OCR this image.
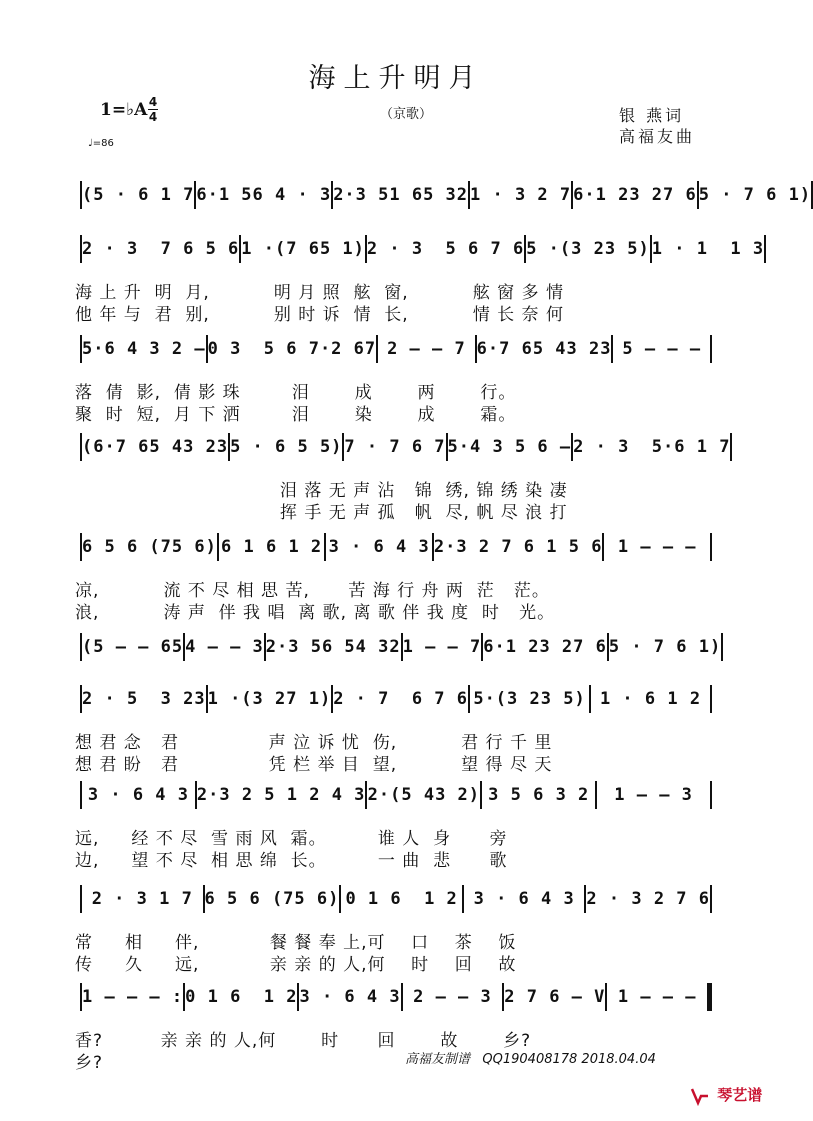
海上升明月
1=♭A 4
4	（京歌）	银 燕词
高福友曲
♩=86
(5 · 6 1 7 6·1 56 4 · 3 2·3 51 65 32 1 · 3 2 7 6·1 23 27 6 5 · 7 6 1)
2 · 3  7 6 5 6 1 ·(7 65 1) 2 · 3  5 6 7 6 5 ·(3 23 5) 1 · 1  1 3
海 上 升  明  月,          明 月 照  舷  窗,          舷 窗 多 情
他 年 与  君  别,          别 时 诉  情  长,          情 长 奈 何
5·6 4 3 2 – 0 3  5 6 7·2 67 2 – – 7 6·7 65 43 23 5 – – –
落  倩  影,  倩 影 珠        泪       成       两       行。
聚  时  短,  月 下 洒        泪       染       成       霜。
(6·7 65 43 23 5 · 6 5 5) 7 · 7 6 7 5·4 3 5 6 – 2 · 3  5·6 1 7
泪 落 无 声 沾   锦  绣, 锦 绣 染 凄
挥 手 无 声 孤   帆  尽, 帆 尽 浪 打
6 5 6 (75 6) 6 1 6 1 2 3 · 6 4 3 2·3 2 7 6 1 5 6 1 – – –
凉,          流 不 尽 相 思 苦,      苦 海 行 舟 两  茫   茫。
浪,          涛 声  伴 我 唱  离 歌, 离 歌 伴 我 度  时   光。
(5 – – 65 4 – – 3 2·3 56 54 32 1 – – 7 6·1 23 27 6 5 · 7 6 1)
2 · 5  3 23 1 ·(3 27 1) 2 · 7  6 7 6 5·(3 23 5) 1 · 6 1 2
想 君 念   君              声 泣 诉 忧  伤,          君 行 千 里
想 君 盼   君              凭 栏 举 目  望,          望 得 尽 天
3 · 6 4 3 2·3 2 5 1 2 4 3 2·(5 43 2) 3 5 6 3 2	1 – – 3
远,     经 不 尽  雪 雨 风  霜。        谁 人  身      旁
边,     望 不 尽  相 思 绵  长。        一 曲  悲      歌
2 · 3 1 7 6 5 6 (75 6) 0 1 6  1 2 3 · 6 4 3 2 · 3 2 7 6
常     相     伴,           餐 餐 奉 上,可    口    茶    饭
传     久     远,           亲 亲 的 人,何    时    回    故
1 – – – : 0 1 6  1 2 3 · 6 4 3 2 – – 3 2 7 6 – V 1 – – –
香?         亲 亲 的 人,何       时      回       故       乡?
乡?	高福友制谱   QQ190408178 2018.04.04
琴艺谱
